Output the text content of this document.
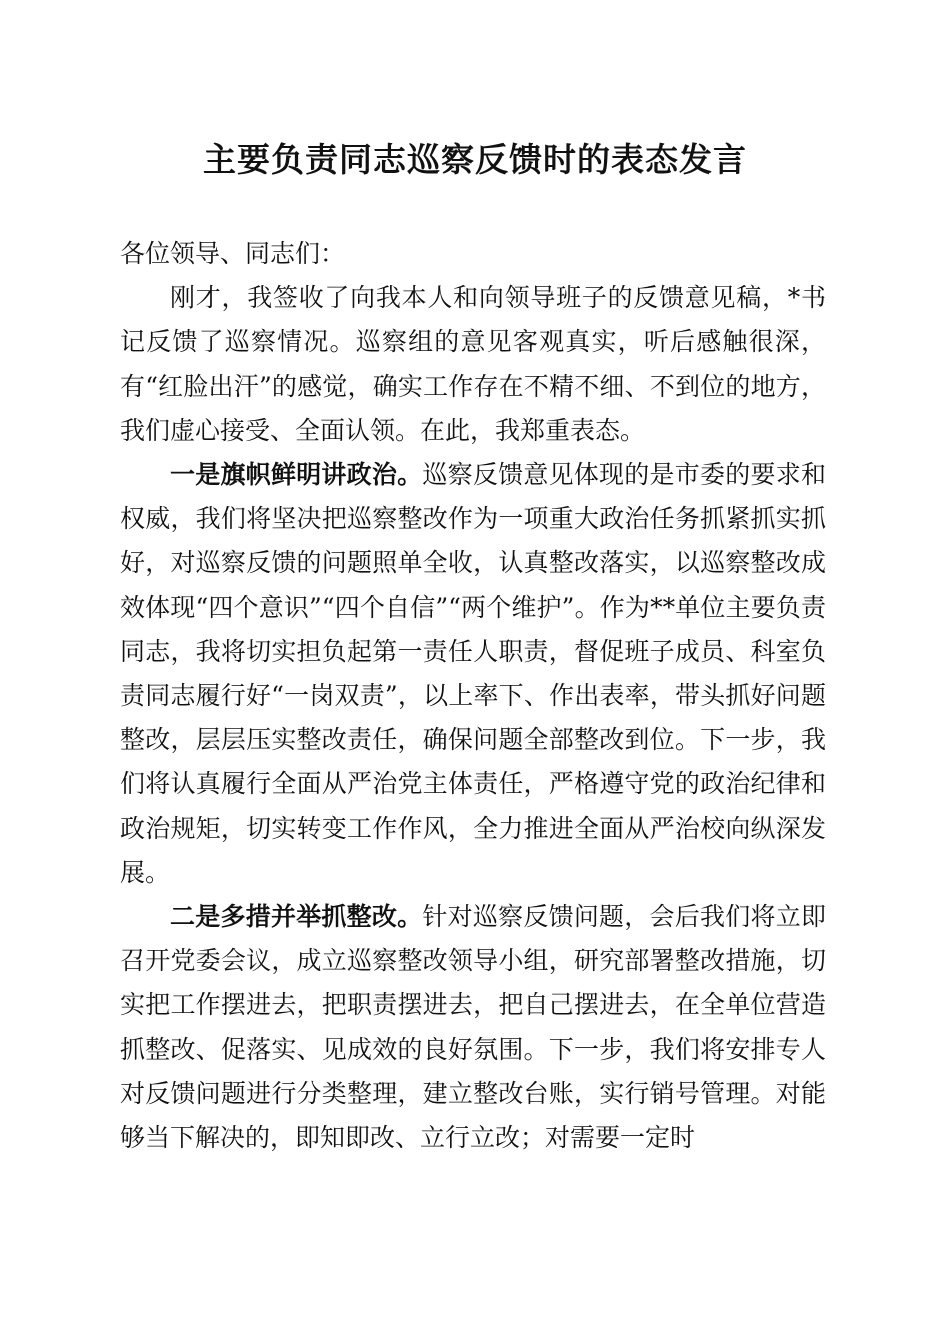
主要负责同志巡察反馈时的表态发言

各位领导、同志们：

刚才，我签收了向我本人和向领导班子的反馈意见稿，*书记反馈了巡察情况。巡察组的意见客观真实，听后感触很深，有“红脸出汗”的感觉，确实工作存在不精不细、不到位的地方，我们虚心接受、全面认领。在此，我郑重表态。

一是旗帜鲜明讲政治。巡察反馈意见体现的是市委的要求和权威，我们将坚决把巡察整改作为一项重大政治任务抓紧抓实抓好，对巡察反馈的问题照单全收，认真整改落实，以巡察整改成效体现“四个意识”“四个自信”“两个维护”。作为**单位主要负责同志，我将切实担负起第一责任人职责，督促班子成员、科室负责同志履行好“一岗双责”，以上率下、作出表率，带头抓好问题整改，层层压实整改责任，确保问题全部整改到位。下一步，我们将认真履行全面从严治党主体责任，严格遵守党的政治纪律和政治规矩，切实转变工作作风，全力推进全面从严治校向纵深发展。

二是多措并举抓整改。针对巡察反馈问题，会后我们将立即召开党委会议，成立巡察整改领导小组，研究部署整改措施，切实把工作摆进去，把职责摆进去，把自己摆进去，在全单位营造抓整改、促落实、见成效的良好氛围。下一步，我们将安排专人对反馈问题进行分类整理，建立整改台账，实行销号管理。对能够当下解决的，即知即改、立行立改；对需要一定时
